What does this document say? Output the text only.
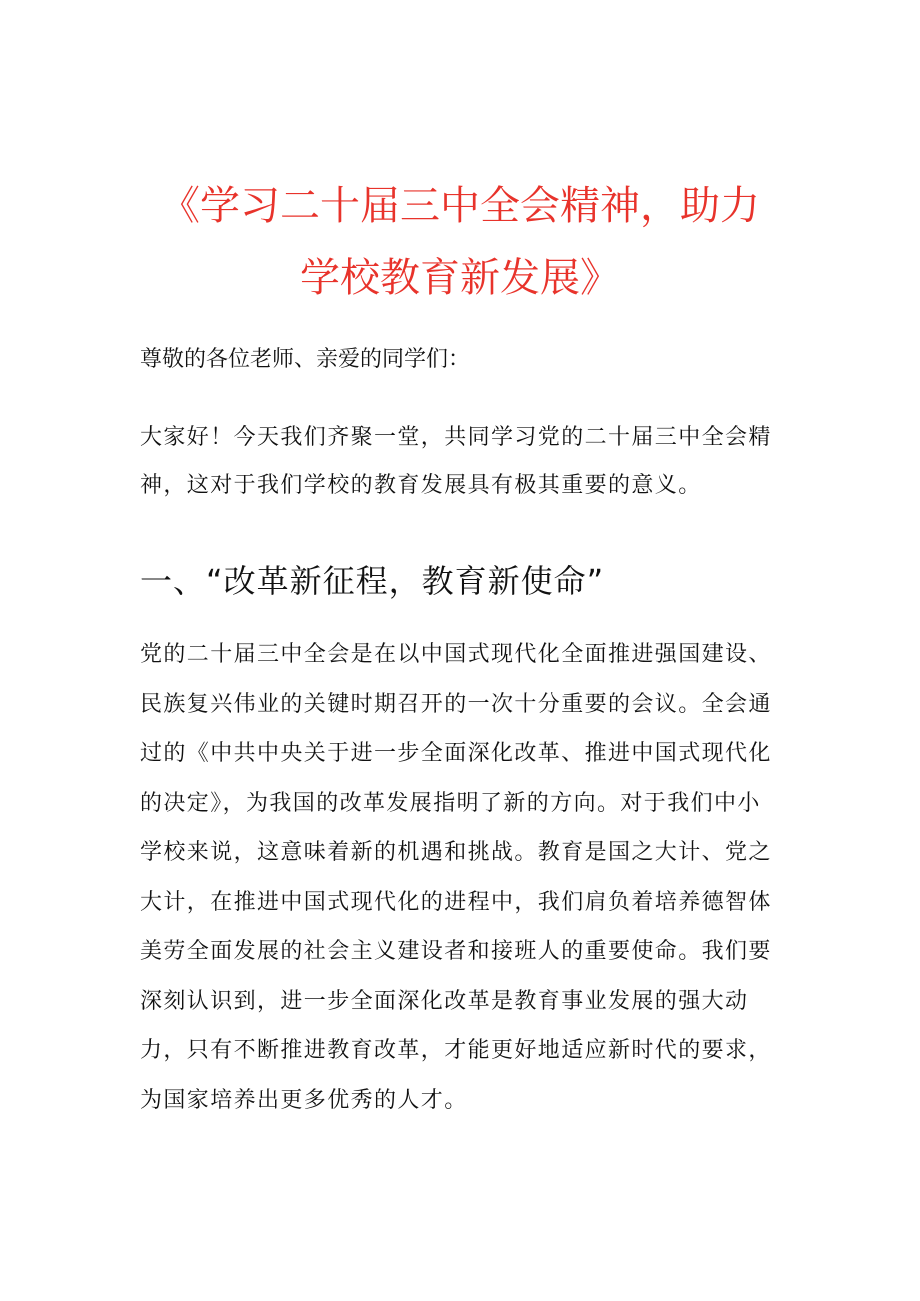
《学习二十届三中全会精神，助力
学校教育新发展》

尊敬的各位老师、亲爱的同学们：

大家好！今天我们齐聚一堂，共同学习党的二十届三中全会精
神，这对于我们学校的教育发展具有极其重要的意义。

一、“改革新征程，教育新使命”

党的二十届三中全会是在以中国式现代化全面推进强国建设、
民族复兴伟业的关键时期召开的一次十分重要的会议。全会通
过的《中共中央关于进一步全面深化改革、推进中国式现代化
的决定》，为我国的改革发展指明了新的方向。对于我们中小
学校来说，这意味着新的机遇和挑战。教育是国之大计、党之
大计，在推进中国式现代化的进程中，我们肩负着培养德智体
美劳全面发展的社会主义建设者和接班人的重要使命。我们要
深刻认识到，进一步全面深化改革是教育事业发展的强大动
力，只有不断推进教育改革，才能更好地适应新时代的要求，
为国家培养出更多优秀的人才。
